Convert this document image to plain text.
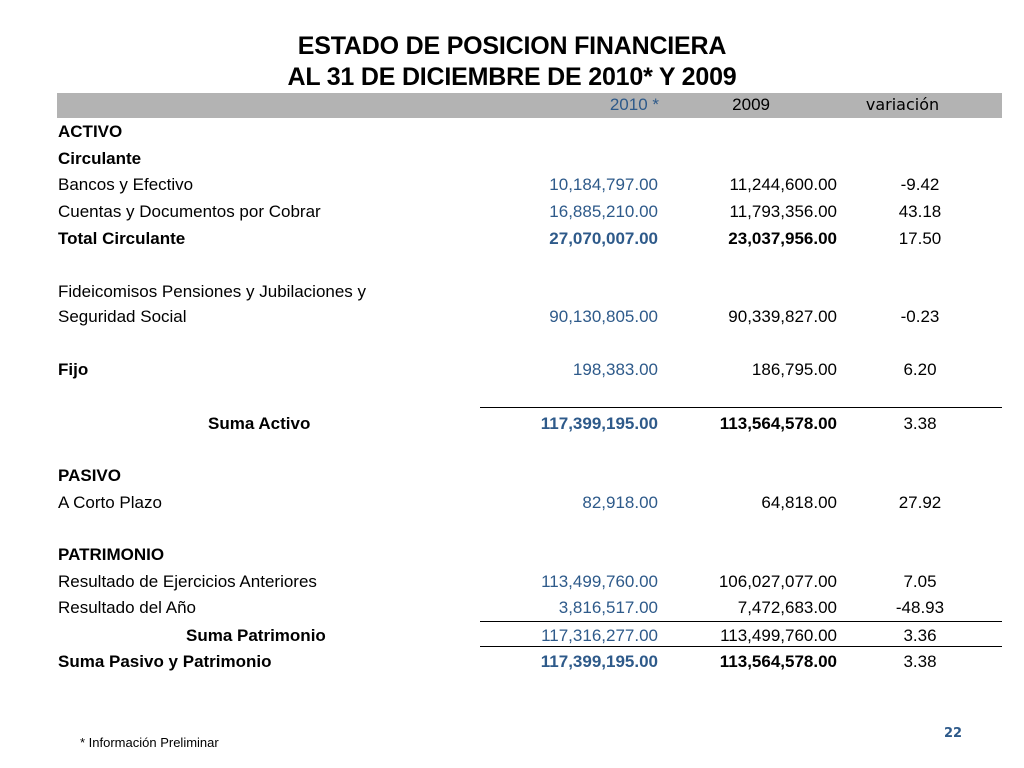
ESTADO DE POSICION FINANCIERA
AL 31 DE DICIEMBRE DE 2010* Y 2009
2010 *	2009	variación
ACTIVO
Circulante
Bancos y Efectivo	10,184,797.00	11,244,600.00	-9.42
Cuentas y Documentos por Cobrar	16,885,210.00	11,793,356.00	43.18
Total Circulante	27,070,007.00	23,037,956.00	17.50
Fideicomisos Pensiones y Jubilaciones y
Seguridad Social	90,130,805.00	90,339,827.00	-0.23
Fijo	198,383.00	186,795.00	6.20
Suma Activo	117,399,195.00	113,564,578.00	3.38
PASIVO
A Corto Plazo	82,918.00	64,818.00	27.92
PATRIMONIO
Resultado de Ejercicios Anteriores	113,499,760.00	106,027,077.00	7.05
Resultado del Año	3,816,517.00	7,472,683.00	-48.93
Suma Patrimonio	117,316,277.00	113,499,760.00	3.36
Suma Pasivo y Patrimonio	117,399,195.00	113,564,578.00	3.38
22
* Información Preliminar
